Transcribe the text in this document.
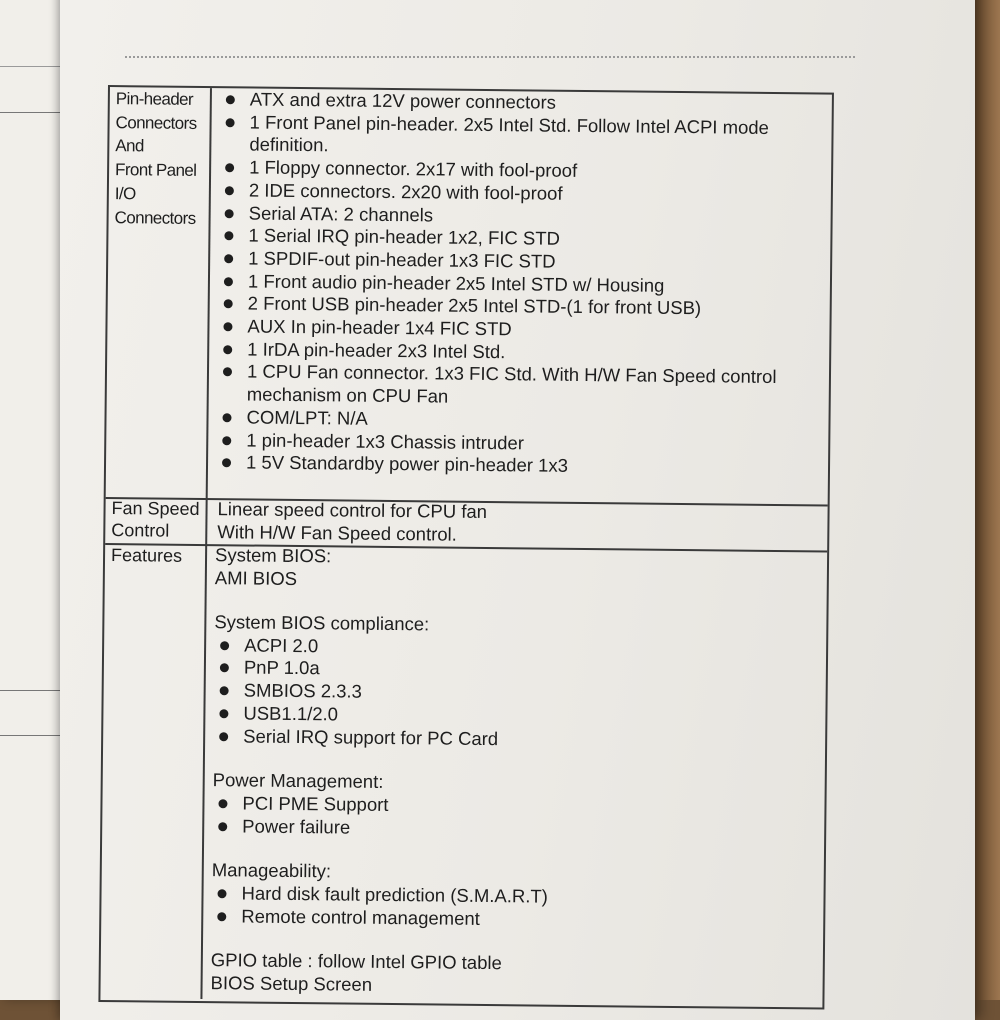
Pin-header
Connectors
And
Front Panel
I/O
Connectors
ATX and extra 12V power connectors
1 Front Panel pin-header. 2x5 Intel Std. Follow Intel ACPI mode definition.
1 Floppy connector. 2x17 with fool-proof
2 IDE connectors. 2x20 with fool-proof
Serial ATA: 2 channels
1 Serial IRQ pin-header 1x2, FIC STD
1 SPDIF-out pin-header 1x3 FIC STD
1 Front audio pin-header 2x5 Intel STD w/ Housing
2 Front USB pin-header 2x5 Intel STD-(1 for front USB)
AUX In pin-header 1x4 FIC STD
1 IrDA pin-header 2x3 Intel Std.
1 CPU Fan connector. 1x3 FIC Std. With H/W Fan Speed control mechanism on CPU Fan
COM/LPT: N/A
1 pin-header 1x3 Chassis intruder
1 5V Standardby power pin-header 1x3
Fan Speed
Control

Linear speed control for CPU fan

With H/W Fan Speed control.

Features	System BIOS:

AMI BIOS

System BIOS compliance:

ACPI 2.0
PnP 1.0a
SMBIOS 2.3.3
USB1.1/2.0
Serial IRQ support for PC Card

Power Management:

PCI PME Support
Power failure

Manageability:

Hard disk fault prediction (S.M.A.R.T)
Remote control management

GPIO table : follow Intel GPIO table

BIOS Setup Screen
